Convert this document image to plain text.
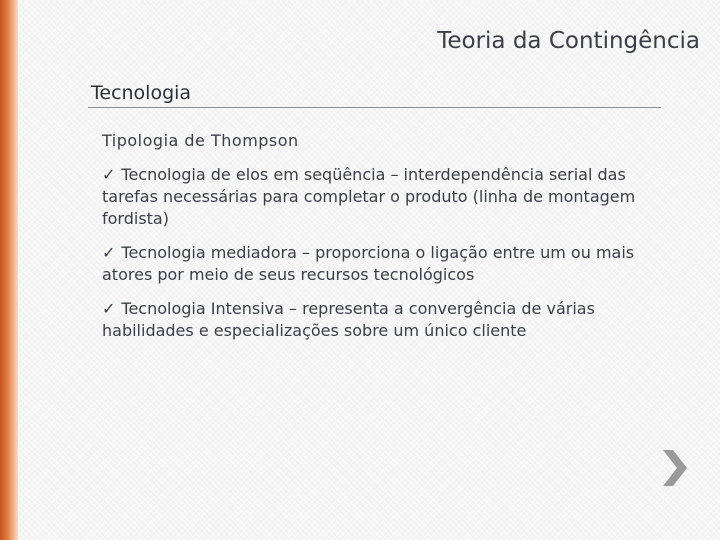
Teoria da Contingência
Tecnologia

Tipologia de Thompson

✓ Tecnologia de elos em seqüência – interdependência serial das tarefas necessárias para completar o produto (linha de montagem fordista)

✓ Tecnologia mediadora – proporciona o ligação entre um ou mais atores por meio de seus recursos tecnológicos

✓ Tecnologia Intensiva – representa a convergência de várias habilidades e especializações sobre um único cliente
